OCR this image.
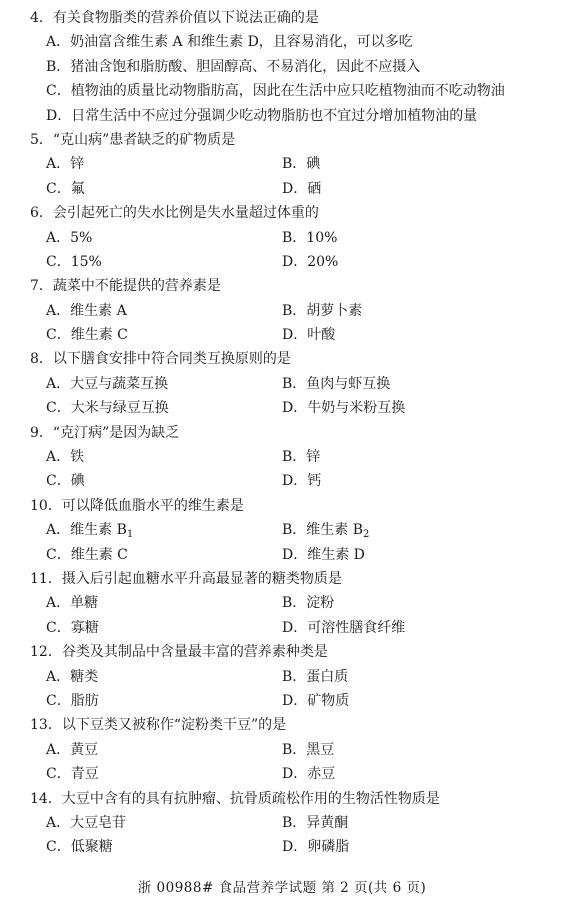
4．有关食物脂类的营养价值以下说法正确的是
A．奶油富含维生素 A 和维生素 D，且容易消化，可以多吃
B．猪油含饱和脂肪酸、胆固醇高、不易消化，因此不应摄入
C．植物油的质量比动物脂肪高，因此在生活中应只吃植物油而不吃动物油
D．日常生活中不应过分强调少吃动物脂肪也不宜过分增加植物油的量
5．“克山病”患者缺乏的矿物质是
A．锌	B．碘
C．氟	D．硒
6．会引起死亡的失水比例是失水量超过体重的
A．5%	B．10%
C．15%	D．20%
7．蔬菜中不能提供的营养素是
A．维生素 A	B．胡萝卜素
C．维生素 C	D．叶酸
8．以下膳食安排中符合同类互换原则的是
A．大豆与蔬菜互换	B．鱼肉与虾互换
C．大米与绿豆互换	D．牛奶与米粉互换
9．“克汀病”是因为缺乏
A．铁	B．锌
C．碘	D．钙
10．可以降低血脂水平的维生素是
A．维生素 $B_1$	B．维生素 $B_2$
C．维生素 C	D．维生素 D
11．摄入后引起血糖水平升高最显著的糖类物质是
A．单糖	B．淀粉
C．寡糖	D．可溶性膳食纤维
12．谷类及其制品中含量最丰富的营养素种类是
A．糖类	B．蛋白质
C．脂肪	D．矿物质
13．以下豆类又被称作“淀粉类干豆”的是
A．黄豆	B．黑豆
C．青豆	D．赤豆
14．大豆中含有的具有抗肿瘤、抗骨质疏松作用的生物活性物质是
A．大豆皂苷	B．异黄酮
C．低聚糖	D．卵磷脂
浙 00988# 食品营养学试题 第 2 页(共 6 页)
